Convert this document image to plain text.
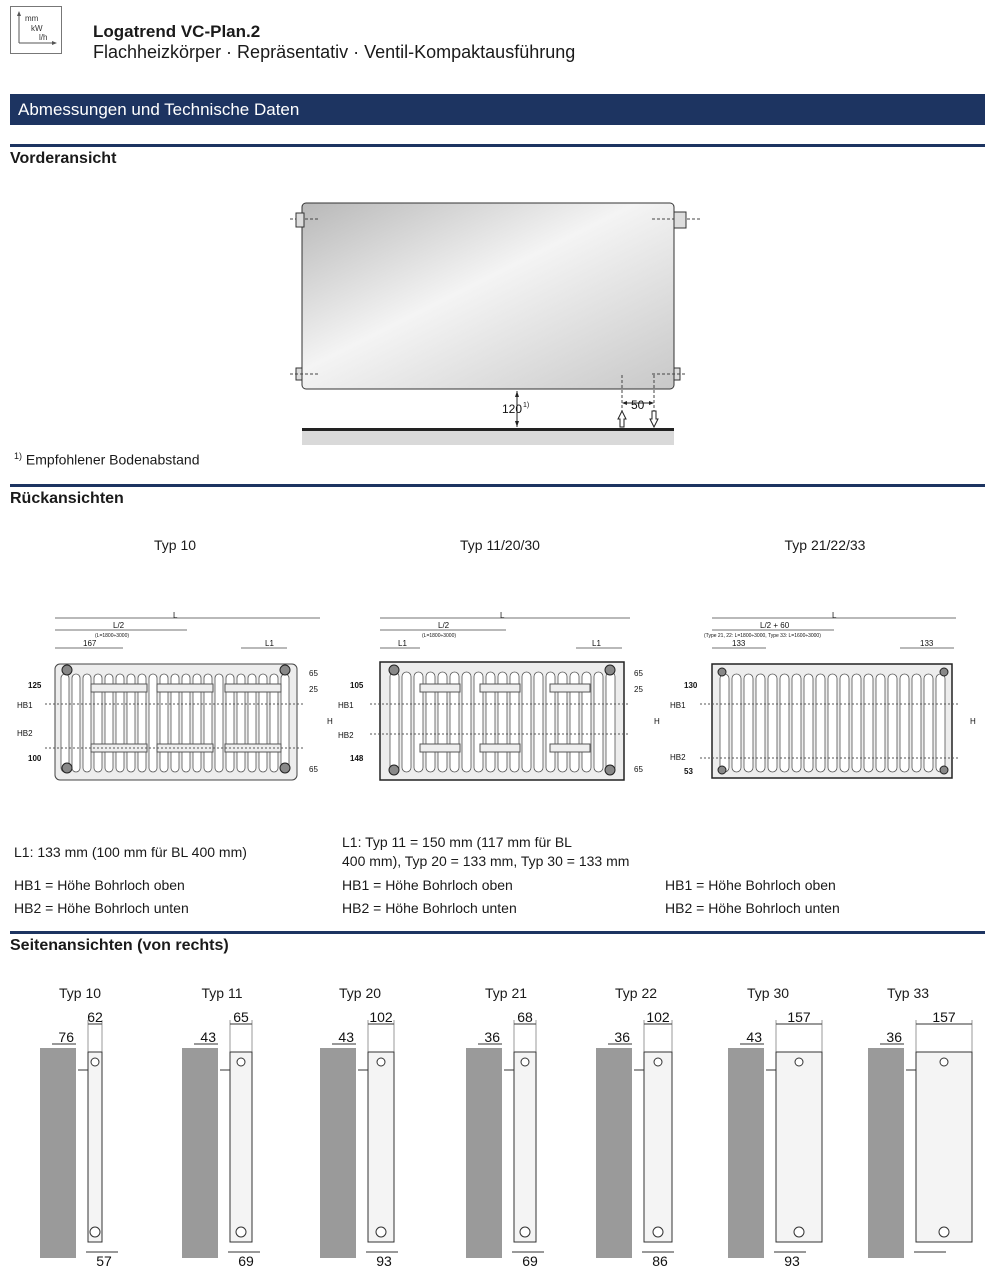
mm
kW
l/h	Logatrend VC-Plan.2
Flachheizkörper · Repräsentativ · Ventil-Kompaktausführung
Abmessungen und Technische Daten
Vorderansicht
50
120 1)
$^{1)}$ Empfohlener Bodenabstand
Rückansichten
Typ 10	Typ 11/20/30	Typ 21/22/33
L
L/2
(L=1800÷3000)
167	L1
125
HB1
HB2
100
65
25
65
H
L
L/2
(L=1800÷3000)
L1	L1
105
HB1
HB2
148
65
25
65
H
L
L/2 + 60
(Type 21, 22: L=1800÷3000, Type 33: L=1600÷3000)
133	133
130
HB1
HB2
53
H
L1: 133 mm (100 mm für BL 400 mm)
L1: Typ 11 = 150 mm (117 mm für BL
400 mm), Typ 20 = 133 mm, Typ 30 = 133 mm
HB1 = Höhe Bohrloch oben
HB2 = Höhe Bohrloch unten
HB1 = Höhe Bohrloch oben
HB2 = Höhe Bohrloch unten
HB1 = Höhe Bohrloch oben
HB2 = Höhe Bohrloch unten
Seitenansichten (von rechts)
Typ 10
62
76
57
Typ 11
65
43
69
Typ 20
102
43
93
Typ 21
68
36
69
Typ 22
102
36
86
Typ 30
157
43
93
Typ 33
157
36
